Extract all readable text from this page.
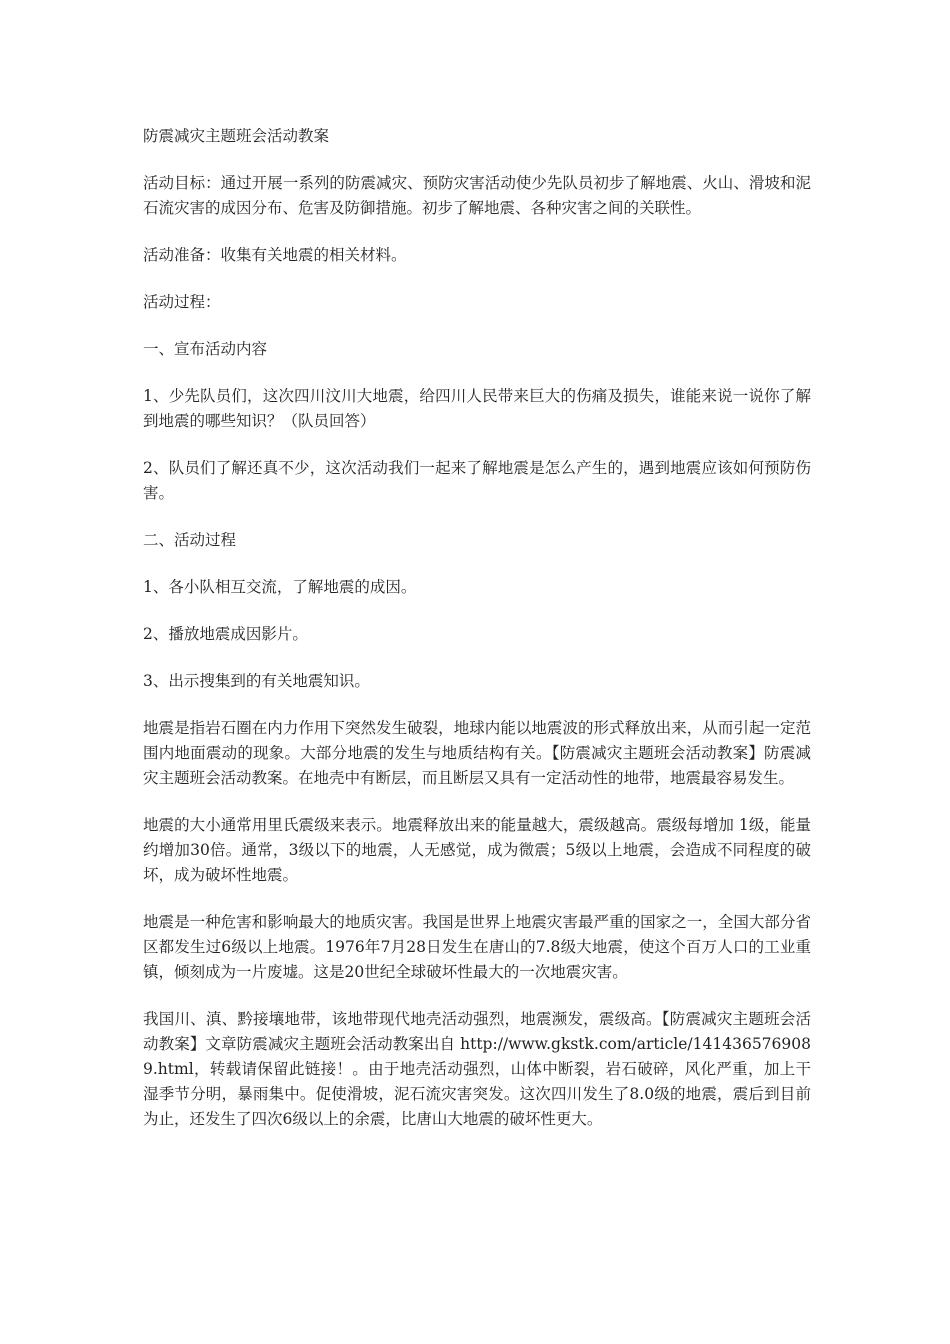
防震减灾主题班会活动教案

活动目标：通过开展一系列的防震减灾、预防灾害活动使少先队员初步了解地震、火山、滑坡和泥石流灾害的成因分布、危害及防御措施。初步了解地震、各种灾害之间的关联性。

活动准备：收集有关地震的相关材料。

活动过程：

一、宣布活动内容

1、少先队员们，这次四川汶川大地震，给四川人民带来巨大的伤痛及损失，谁能来说一说你了解到地震的哪些知识？（队员回答）

2、队员们了解还真不少，这次活动我们一起来了解地震是怎么产生的，遇到地震应该如何预防伤害。

二、活动过程

1、各小队相互交流，了解地震的成因。

2、播放地震成因影片。

3、出示搜集到的有关地震知识。

地震是指岩石圈在内力作用下突然发生破裂，地球内能以地震波的形式释放出来，从而引起一定范围内地面震动的现象。大部分地震的发生与地质结构有关。【防震减灾主题班会活动教案】防震减灾主题班会活动教案。在地壳中有断层，而且断层又具有一定活动性的地带，地震最容易发生。

地震的大小通常用里氏震级来表示。地震释放出来的能量越大，震级越高。震级每增加 1级，能量约增加30倍。通常，3级以下的地震，人无感觉，成为微震；5级以上地震，会造成不同程度的破坏，成为破坏性地震。

地震是一种危害和影响最大的地质灾害。我国是世界上地震灾害最严重的国家之一，全国大部分省区都发生过6级以上地震。1976年7月28日发生在唐山的7.8级大地震，使这个百万人口的工业重镇，倾刻成为一片废墟。这是20世纪全球破坏性最大的一次地震灾害。

我国川、滇、黔接壤地带，该地带现代地壳活动强烈，地震濒发，震级高。【防震减灾主题班会活动教案】文章防震减灾主题班会活动教案出自 http://www.gkstk.com/article/1414365769089.html，转载请保留此链接！。由于地壳活动强烈，山体中断裂，岩石破碎，风化严重，加上干湿季节分明，暴雨集中。促使滑坡，泥石流灾害突发。这次四川发生了8.0级的地震，震后到目前为止，还发生了四次6级以上的余震，比唐山大地震的破坏性更大。
